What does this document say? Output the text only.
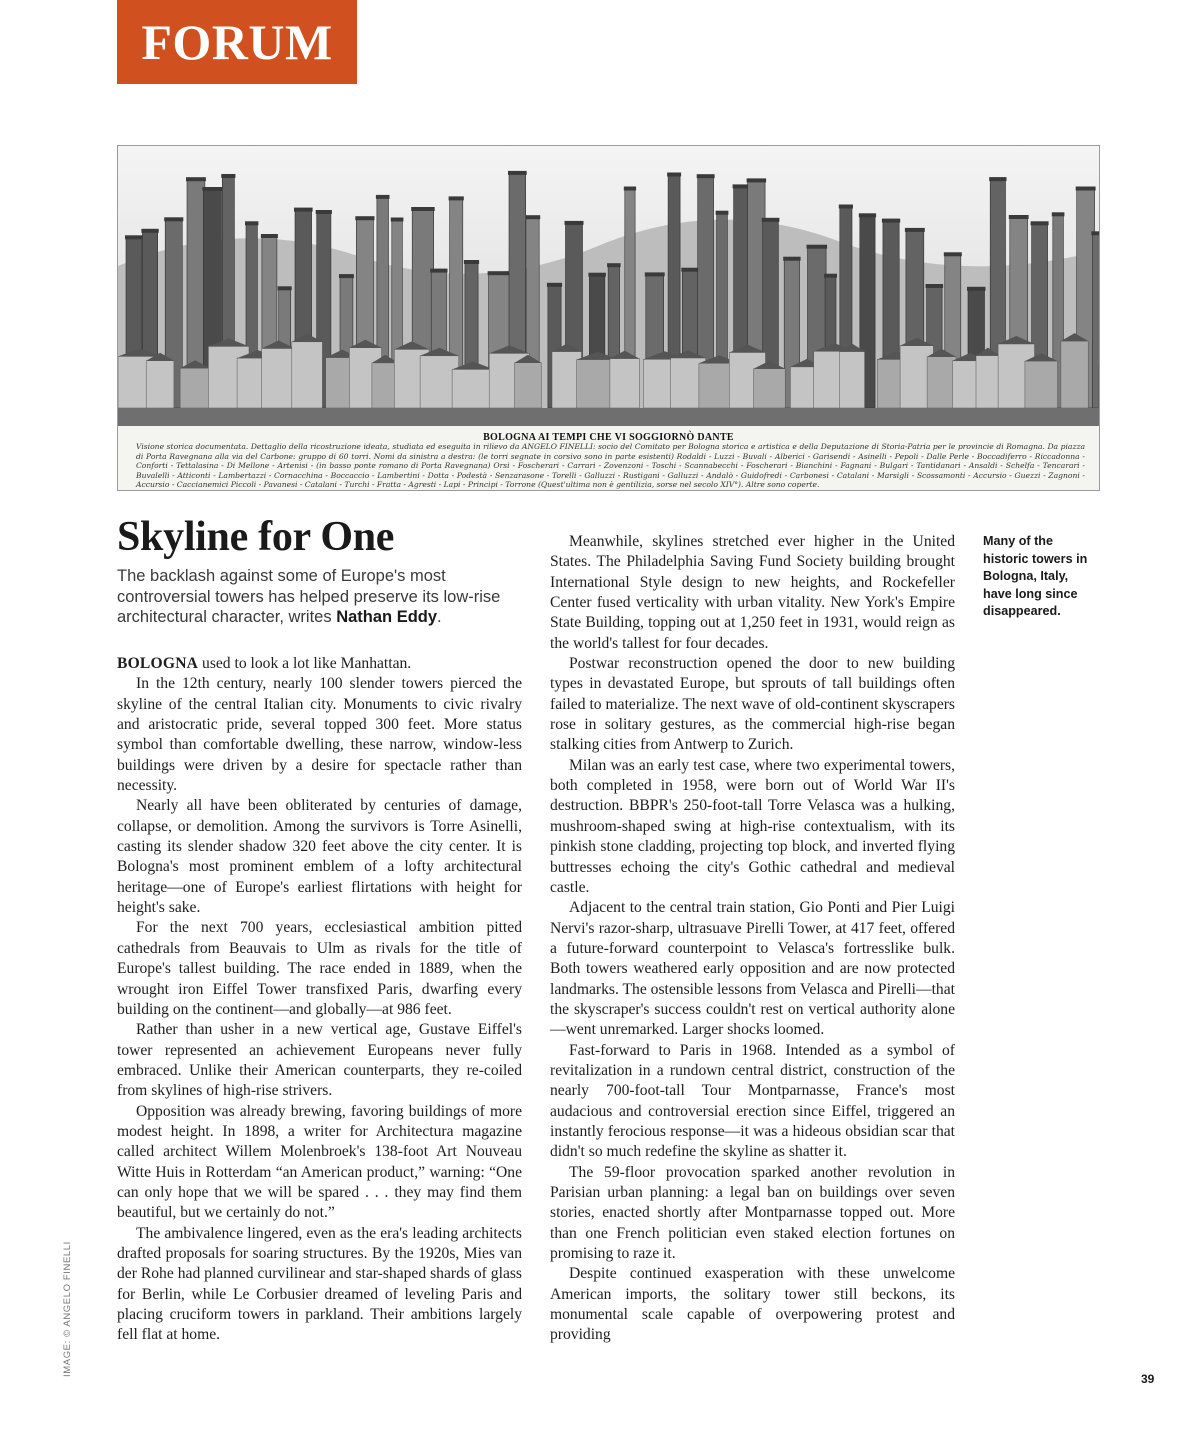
FORUM
BOLOGNA AI TEMPI CHE VI SOGGIORNÒ DANTE
Visione storica documentata. Dettaglio della ricostruzione ideata, studiata ed eseguita in rilievo da ANGELO FINELLI: socio del Comitato per Bologna storica e artistica e della Deputazione di Storia-Patria per le provincie di Romagna. Da piazza di Porta Ravegnana alla via del Carbone: gruppo di 60 torri. Nomi da sinistra a destra: (le torri segnate in corsivo sono in parte esistenti) Rodaldi - Luzzi - Buvali - Alberici - Garisendi - Asinelli - Pepoli - Dalle Perle - Boccadiferro - Riccadonna - Conforti - Tettalasina - Di Mellone - Artenisi - (in basso ponte romano di Porta Ravegnana) Orsi - Foscherari - Carrari - Zovenzoni - Toschi - Scannabecchi - Foscherari - Bianchini - Fagnani - Bulgari - Tantidanari - Ansaldi - Schelfa - Tencarari - Buvalelli - Atticonti - Lambertazzi - Cornacchina - Boccaccio - Lambertini - Dotta - Podestà - Senzarasone - Torelli - Galluzzi - Rustigani - Galluzzi - Andalò - Guidofredi - Carbonesi - Catalani - Marsigli - Scossamonti - Accursio - Guezzi - Zagnoni - Accursio - Caccianemici Piccoli - Pavanesi - Catalani - Turchi - Fratta - Agresti - Lapi - Principi - Torrone (Quest'ultima non è gentilizia, sorse nel secolo XIV°). Altre sono coperte.
Skyline for One
The backlash against some of Europe's most controversial towers has helped preserve its low-rise architectural character, writes Nathan Eddy.

BOLOGNA used to look a lot like Manhattan.

In the 12th century, nearly 100 slender towers pierced the skyline of the central Italian city. Monuments to civic rivalry and aristocratic pride, several topped 300 feet. More status symbol than comfortable dwelling, these narrow, window-less buildings were driven by a desire for spectacle rather than necessity.

Nearly all have been obliterated by centuries of damage, collapse, or demolition. Among the survivors is Torre Asinelli, casting its slender shadow 320 feet above the city center. It is Bologna's most prominent emblem of a lofty architectural heritage—one of Europe's earliest flirtations with height for height's sake.

For the next 700 years, ecclesiastical ambition pitted cathedrals from Beauvais to Ulm as rivals for the title of Europe's tallest building. The race ended in 1889, when the wrought iron Eiffel Tower transfixed Paris, dwarfing every building on the continent—and globally—at 986 feet.

Rather than usher in a new vertical age, Gustave Eiffel's tower represented an achievement Europeans never fully embraced. Unlike their American counterparts, they re-coiled from skylines of high-rise strivers.

Opposition was already brewing, favoring buildings of more modest height. In 1898, a writer for Architectura magazine called architect Willem Molenbroek's 138-foot Art Nouveau Witte Huis in Rotterdam “an American product,” warning: “One can only hope that we will be spared . . . they may find them beautiful, but we certainly do not.”

The ambivalence lingered, even as the era's leading architects drafted proposals for soaring structures. By the 1920s, Mies van der Rohe had planned curvilinear and star-shaped shards of glass for Berlin, while Le Corbusier dreamed of leveling Paris and placing cruciform towers in parkland. Their ambitions largely fell flat at home.

Meanwhile, skylines stretched ever higher in the United States. The Philadelphia Saving Fund Society building brought International Style design to new heights, and Rockefeller Center fused verticality with urban vitality. New York's Empire State Building, topping out at 1,250 feet in 1931, would reign as the world's tallest for four decades.

Postwar reconstruction opened the door to new building types in devastated Europe, but sprouts of tall buildings often failed to materialize. The next wave of old-continent skyscrapers rose in solitary gestures, as the commercial high-rise began stalking cities from Antwerp to Zurich.

Milan was an early test case, where two experimental towers, both completed in 1958, were born out of World War II's destruction. BBPR's 250-foot-tall Torre Velasca was a hulking, mushroom-shaped swing at high-rise contextualism, with its pinkish stone cladding, projecting top block, and inverted flying buttresses echoing the city's Gothic cathedral and medieval castle.

Adjacent to the central train station, Gio Ponti and Pier Luigi Nervi's razor-sharp, ultrasuave Pirelli Tower, at 417 feet, offered a future-forward counterpoint to Velasca's fortresslike bulk. Both towers weathered early opposition and are now protected landmarks. The ostensible lessons from Velasca and Pirelli—that the skyscraper's success couldn't rest on vertical authority alone—went unremarked. Larger shocks loomed.

Fast-forward to Paris in 1968. Intended as a symbol of revitalization in a rundown central district, construction of the nearly 700-foot-tall Tour Montparnasse, France's most audacious and controversial erection since Eiffel, triggered an instantly ferocious response—it was a hideous obsidian scar that didn't so much redefine the skyline as shatter it.

The 59-floor provocation sparked another revolution in Parisian urban planning: a legal ban on buildings over seven stories, enacted shortly after Montparnasse topped out. More than one French politician even staked election fortunes on promising to raze it.

Despite continued exasperation with these unwelcome American imports, the solitary tower still beckons, its monumental scale capable of overpowering protest and providing

Many of the historic towers in Bologna, Italy, have long since disappeared.
IMAGE: © ANGELO FINELLI
39
